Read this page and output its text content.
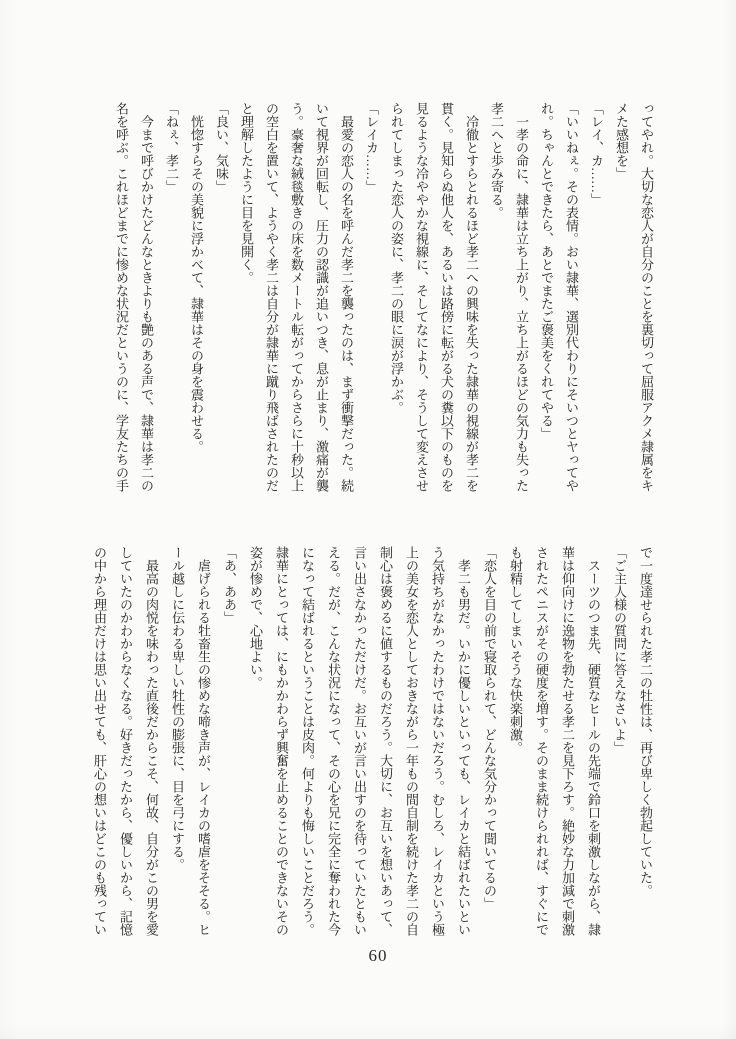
ってやれ。大切な恋人が自分のことを裏切って屈服アクメ隷属をキメた感想を」

「レイ、カ……」

「いいねぇ。その表情。おい隷華、選別代わりにそいつとヤってやれ。ちゃんとできたら、あとでまたご褒美をくれてやる」

一孝の命に、隷華は立ち上がり、立ち上がるほどの気力も失った孝二へと歩み寄る。

冷徹とすらとれるほど孝二への興味を失った隷華の視線が孝二を貫く。見知らぬ他人を、あるいは路傍に転がる犬の糞以下のものを見るような冷ややかな視線に、そしてなにより、そうして変えさせられてしまった恋人の姿に、孝二の眼に涙が浮かぶ。

「レイカ……」

最愛の恋人の名を呼んだ孝二を襲ったのは、まず衝撃だった。続いて視界が回転し、圧力の認識が追いつき、息が止まり、激痛が襲う。豪奢な絨毯敷きの床を数メートル転がってからさらに十秒以上の空白を置いて、ようやく孝二は自分が隷華に蹴り飛ばされたのだと理解したように目を見開く。

「良い、気味」

恍惚すらその美貌に浮かべて、隷華はその身を震わせる。

「ねぇ、孝二」

今まで呼びかけたどんなときよりも艶のある声で、隷華は孝二の名を呼ぶ。これほどまでに惨めな状況だというのに、学友たちの手

で一度達せられた孝二の牡性は、再び卑しく勃起していた。

「ご主人様の質問に答えなさいよ」

スーツのつま先、硬質なヒールの先端で鈴口を刺激しながら、隷華は仰向けに逸物を勃たせる孝二を見下ろす。絶妙な力加減で刺激されたペニスがその硬度を増す。そのまま続けられれば、すぐにでも射精してしまいそうな快楽刺激。

「恋人を目の前で寝取られて、どんな気分かって聞いてるの」

孝二も男だ。いかに優しいといっても、レイカと結ばれたいという気持ちがなかったわけではないだろう。むしろ、レイカという極上の美女を恋人としておきながら一年もの間自制を続けた孝二の自制心は褒めるに値するものだろう。大切に、お互いを想いあって、言い出さなかっただけだ。お互いが言い出すのを待っていたともいえる。だが、こんな状況になって、その心を兄に完全に奪われた今になって結ばれるということは皮肉。何よりも悔しいことだろう。隷華にとっては、にもかかわらず興奮を止めることのできないその姿が惨めで、心地よい。

「あ、ああ」

虐げられる牡畜生の惨めな啼き声が、レイカの嗜虐をそそる。ヒール越しに伝わる卑しい牡性の膨張に、目を弓にする。

最高の肉悦を味わった直後だからこそ、何故、自分がこの男を愛していたのかわからなくなる。好きだったから、優しいから、記憶の中から理由だけは思い出せても、肝心の想いはどこのも残ってい

60
